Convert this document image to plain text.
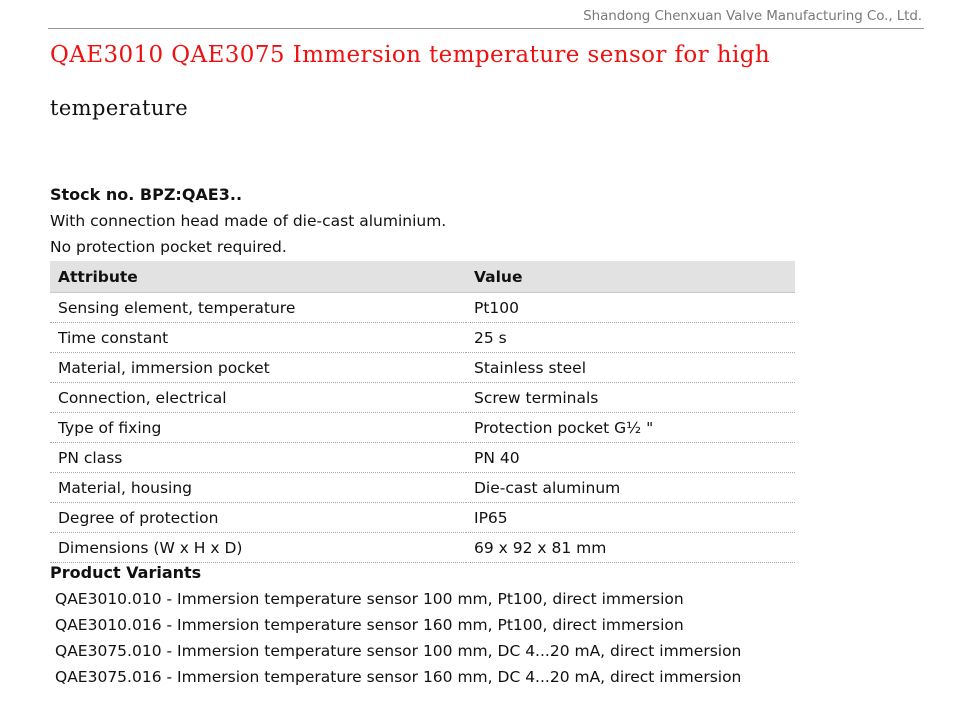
Shandong Chenxuan Valve Manufacturing Co., Ltd.
QAE3010 QAE3075 Immersion temperature sensor for high
temperature
Stock no. BPZ:QAE3..
With connection head made of die-cast aluminium.
No protection pocket required.
Attribute	Value
Sensing element, temperature	Pt100
Time constant	25 s
Material, immersion pocket	Stainless steel
Connection, electrical	Screw terminals
Type of fixing	Protection pocket G½ "
PN class	PN 40
Material, housing	Die-cast aluminum
Degree of protection	IP65
Dimensions (W x H x D)	69 x 92 x 81 mm
Product Variants
QAE3010.010 - Immersion temperature sensor 100 mm, Pt100, direct immersion
QAE3010.016 - Immersion temperature sensor 160 mm, Pt100, direct immersion
QAE3075.010 - Immersion temperature sensor 100 mm, DC 4...20 mA, direct immersion
QAE3075.016 - Immersion temperature sensor 160 mm, DC 4...20 mA, direct immersion
